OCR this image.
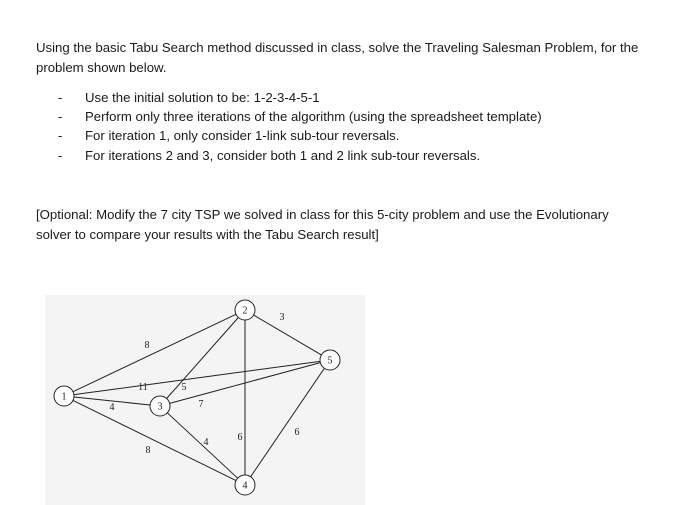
Using the basic Tabu Search method discussed in class, solve the Traveling Salesman Problem, for the
problem shown below.
- Use the initial solution to be: 1-2-3-4-5-1
- Perform only three iterations of the algorithm (using the spreadsheet template)
- For iteration 1, only consider 1-link sub-tour reversals.
- For iterations 2 and 3, consider both 1 and 2 link sub-tour reversals.
[Optional: Modify the 7 city TSP we solved in class for this 5-city problem and use the Evolutionary
solver to compare your results with the Tabu Search result]
8
4
8
11	5
6
3
4
7
6
1
2
3
4
5
